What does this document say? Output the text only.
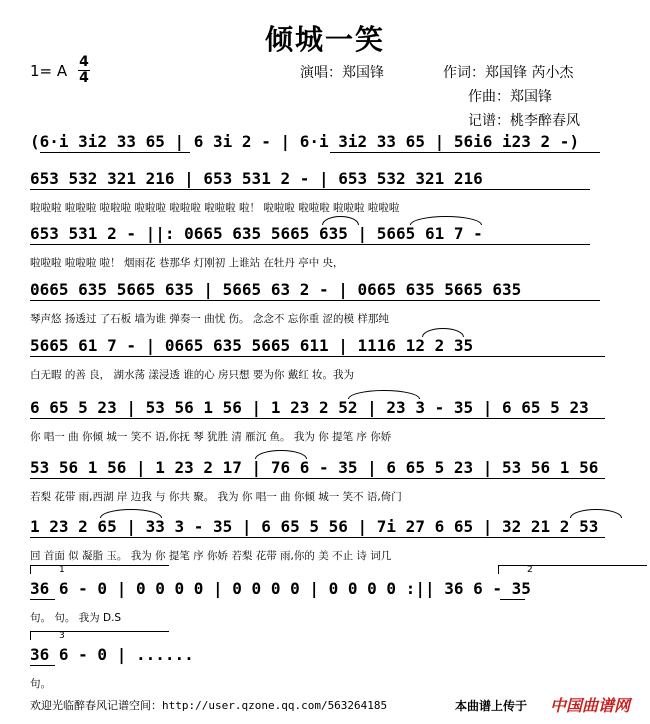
倾城一笑
1= A 4
4	演唱：郑国锋	作词：郑国锋 芮小杰
作曲：郑国锋
记谱：桃李醉春风
(6·i 3i2 33 65 | 6 3i 2 - | 6·i 3i2 33 65 | 56i6 i23 2 -)
653 532 321 216 | 653 531 2 - | 653 532 321 216
啦啦啦 啦啦啦 啦啦啦 啦啦啦 啦啦啦 啦啦啦 啦！ 啦啦啦 啦啦啦 啦啦啦 啦啦啦
653 531 2 - ||: 0665 635 5665 635 | 5665 61 7 -
啦啦啦 啦啦啦 啦！ 烟雨花 巷那华 灯刚初 上谁站 在牡丹 亭中 央，
0665 635 5665 635 | 5665 63 2 - | 0665 635 5665 635
琴声悠 扬透过 了石板 墙为谁 弹奏一 曲忧 伤。 念念不 忘你重 涩的模 样那纯
5665 61 7 - | 0665 635 5665 611 | 1116 12 2 35
白无暇 的善 良， 湖水荡 漾浸透 谁的心 房只想 要为你 戴红 妆。我为
6 65 5 23 | 53 56 1 56 | 1 23 2 52 | 23 3 - 35 | 6 65 5 23
你 唱一 曲 你倾 城一 笑不 语,你抚 琴 犹胜 清 雁沉 鱼。 我为 你 提笔 序 你娇
53 56 1 56 | 1 23 2 17 | 76 6 - 35 | 6 65 5 23 | 53 56 1 56
若梨 花带 雨,西湖 岸 边我 与 你共 聚。 我为 你 唱一 曲 你倾 城一 笑不 语,倚门
1 23 2 65 | 33 3 - 35 | 6 65 5 56 | 7i 27 6 65 | 32 21 2 53
回 首面 似 凝脂 玉。 我为 你 提笔 序 你娇 若梨 花带 雨,你的 美 不止 诗 词几
1	2
36 6 - 0 | 0 0 0 0 | 0 0 0 0 | 0 0 0 0 :|| 36 6 - 35
句。 句。 我为 D.S
3
36 6 - 0 | ......
句。
欢迎光临醉春风记谱空间：http://user.qzone.qq.com/563264185	本曲谱上传于 中国曲谱网
